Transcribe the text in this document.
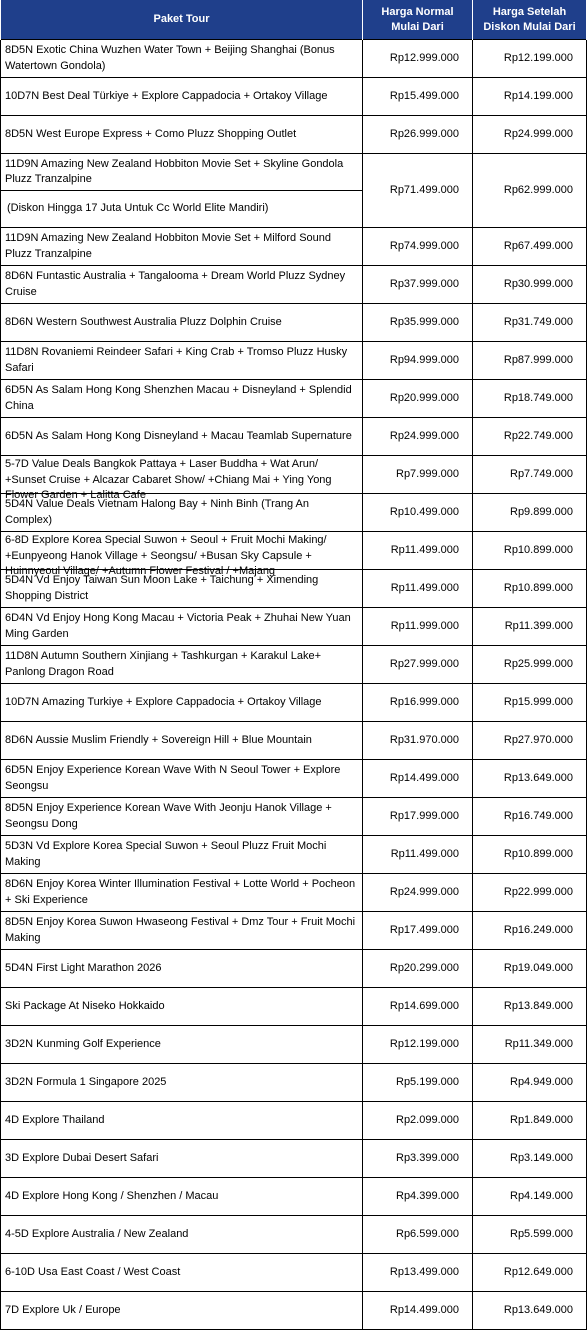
Paket Tour	Harga Normal Mulai Dari	Harga Setelah Diskon Mulai Dari

8D5N Exotic China Wuzhen Water Town + Beijing Shanghai (Bonus Watertown Gondola)	Rp12.999.000	Rp12.199.000

10D7N Best Deal Türkiye + Explore Cappadocia + Ortakoy Village	Rp15.499.000	Rp14.199.000

8D5N West Europe Express + Como Pluzz Shopping Outlet	Rp26.999.000	Rp24.999.000
11D9N Amazing New Zealand Hobbiton Movie Set + Skyline Gondola Pluzz Tranzalpine	Rp71.499.000	Rp62.999.000
(Diskon Hingga 17 Juta Untuk Cc World Elite Mandiri)		

11D9N Amazing New Zealand Hobbiton Movie Set + Milford Sound Pluzz Tranzalpine	Rp74.999.000	Rp67.499.000

8D6N Funtastic Australia + Tangalooma + Dream World Pluzz Sydney Cruise	Rp37.999.000	Rp30.999.000

8D6N Western Southwest Australia Pluzz Dolphin Cruise	Rp35.999.000	Rp31.749.000

11D8N Rovaniemi Reindeer Safari + King Crab + Tromso Pluzz Husky Safari	Rp94.999.000	Rp87.999.000

6D5N As Salam Hong Kong Shenzhen Macau + Disneyland + Splendid China	Rp20.999.000	Rp18.749.000

6D5N As Salam Hong Kong Disneyland + Macau Teamlab Supernature	Rp24.999.000	Rp22.749.000

5-7D Value Deals Bangkok Pattaya + Laser Buddha + Wat Arun/ +Sunset Cruise + Alcazar Cabaret Show/ +Chiang Mai + Ying Yong Flower Garden + Lalitta Cafe	Rp7.999.000	Rp7.749.000

5D4N Value Deals Vietnam Halong Bay + Ninh Binh (Trang An Complex)	Rp10.499.000	Rp9.899.000

6-8D Explore Korea Special Suwon + Seoul + Fruit Mochi Making/ +Eunpyeong Hanok Village + Seongsu/ +Busan Sky Capsule + Huinnyeoul Village/ +Autumn Flower Festival / +Majang	Rp11.499.000	Rp10.899.000

5D4N Vd Enjoy Taiwan Sun Moon Lake + Taichung + Ximending Shopping District	Rp11.499.000	Rp10.899.000

6D4N Vd Enjoy Hong Kong Macau + Victoria Peak + Zhuhai New Yuan Ming Garden	Rp11.999.000	Rp11.399.000

11D8N Autumn Southern Xinjiang + Tashkurgan + Karakul Lake+ Panlong Dragon Road	Rp27.999.000	Rp25.999.000

10D7N Amazing Turkiye + Explore Cappadocia + Ortakoy Village	Rp16.999.000	Rp15.999.000

8D6N Aussie Muslim Friendly + Sovereign Hill + Blue Mountain	Rp31.970.000	Rp27.970.000

6D5N Enjoy Experience Korean Wave With N Seoul Tower + Explore Seongsu	Rp14.499.000	Rp13.649.000

8D5N Enjoy Experience Korean Wave With Jeonju Hanok Village + Seongsu Dong	Rp17.999.000	Rp16.749.000

5D3N Vd Explore Korea Special Suwon + Seoul Pluzz Fruit Mochi Making	Rp11.499.000	Rp10.899.000

8D6N Enjoy Korea Winter Illumination Festival + Lotte World + Pocheon + Ski Experience	Rp24.999.000	Rp22.999.000

8D5N Enjoy Korea Suwon Hwaseong Festival + Dmz Tour + Fruit Mochi Making	Rp17.499.000	Rp16.249.000

5D4N First Light Marathon 2026	Rp20.299.000	Rp19.049.000

Ski Package At Niseko Hokkaido	Rp14.699.000	Rp13.849.000

3D2N Kunming Golf Experience	Rp12.199.000	Rp11.349.000

3D2N Formula 1 Singapore 2025	Rp5.199.000	Rp4.949.000

4D Explore Thailand	Rp2.099.000	Rp1.849.000

3D Explore Dubai Desert Safari	Rp3.399.000	Rp3.149.000

4D Explore Hong Kong / Shenzhen / Macau	Rp4.399.000	Rp4.149.000

4-5D Explore Australia / New Zealand	Rp6.599.000	Rp5.599.000

6-10D Usa East Coast / West Coast	Rp13.499.000	Rp12.649.000

7D Explore Uk / Europe	Rp14.499.000	Rp13.649.000
